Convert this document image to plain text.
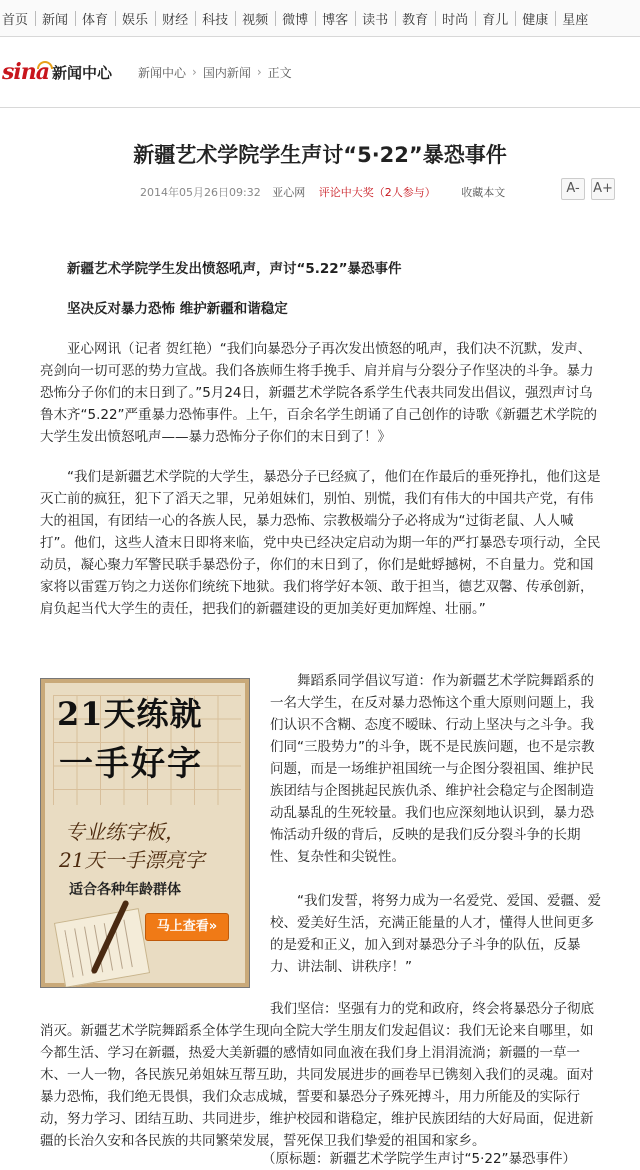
首页	新闻	体育	娱乐	财经	科技	视频	微博	博客	读书	教育	时尚	育儿	健康	星座
sina 新闻中心 新闻中心 › 国内新闻 › 正文
新疆艺术学院学生声讨“5·22”暴恐事件
2014年05月26日09:32 亚心网 评论中大奖（2人参与） 收藏本文	A-	A+

新疆艺术学院学生发出愤怒吼声，声讨“5.22”暴恐事件

坚决反对暴力恐怖 维护新疆和谐稳定

亚心网讯（记者 贺红艳）“我们向暴恐分子再次发出愤怒的吼声，我们决不沉默，发声、亮剑向一切可恶的势力宣战。我们各族师生将手挽手、肩并肩与分裂分子作坚决的斗争。暴力恐怖分子你们的末日到了。”5月24日，新疆艺术学院各系学生代表共同发出倡议，强烈声讨乌鲁木齐“5.22”严重暴力恐怖事件。上午，百余名学生朗诵了自己创作的诗歌《新疆艺术学院的大学生发出愤怒吼声——暴力恐怖分子你们的末日到了！》

“我们是新疆艺术学院的大学生，暴恐分子已经疯了，他们在作最后的垂死挣扎，他们这是灭亡前的疯狂，犯下了滔天之罪，兄弟姐妹们，别怕、别慌，我们有伟大的中国共产党，有伟大的祖国，有团结一心的各族人民，暴力恐怖、宗教极端分子必将成为“过街老鼠、人人喊打”。他们，这些人渣末日即将来临，党中央已经决定启动为期一年的严打暴恐专项行动，全民动员，凝心聚力军警民联手暴恐份子，你们的末日到了，你们是蚍蜉撼树，不自量力。党和国家将以雷霆万钧之力送你们统统下地狱。我们将学好本领、敢于担当，德艺双馨、传承创新，肩负起当代大学生的责任，把我们的新疆建设的更加美好更加辉煌、壮丽。”

21天练就
一手好字
专业练字板，
21天一手漂亮字
适合各种年龄群体
马上查看»

舞蹈系同学倡议写道：作为新疆艺术学院舞蹈系的一名大学生，在反对暴力恐怖这个重大原则问题上，我们认识不含糊、态度不暧昧、行动上坚决与之斗争。我们同“三股势力”的斗争，既不是民族问题，也不是宗教问题，而是一场维护祖国统一与企图分裂祖国、维护民族团结与企图挑起民族仇杀、维护社会稳定与企图制造动乱暴乱的生死较量。我们也应深刻地认识到，暴力恐怖活动升级的背后，反映的是我们反分裂斗争的长期性、复杂性和尖锐性。

“我们发誓，将努力成为一名爱党、爱国、爱疆、爱校、爱美好生活，充满正能量的人才，懂得人世间更多的是爱和正义，加入到对暴恐分子斗争的队伍，反暴力、讲法制、讲秩序！”

我们坚信：坚强有力的党和政府，终会将暴恐分子彻底消灭。新疆艺术学院舞蹈系全体学生现向全院大学生朋友们发起倡议：我们无论来自哪里，如今都生活、学习在新疆，热爱大美新疆的感情如同血液在我们身上涓涓流淌；新疆的一草一木、一人一物，各民族兄弟姐妹互帮互助，共同发展进步的画卷早已镌刻入我们的灵魂。面对暴力恐怖，我们绝无畏惧，我们众志成城，誓要和暴恐分子殊死搏斗，用力所能及的实际行动，努力学习、团结互助、共同进步，维护校园和谐稳定，维护民族团结的大好局面，促进新疆的长治久安和各民族的共同繁荣发展，誓死保卫我们挚爱的祖国和家乡。

（原标题：新疆艺术学院学生声讨“5·22”暴恐事件）
